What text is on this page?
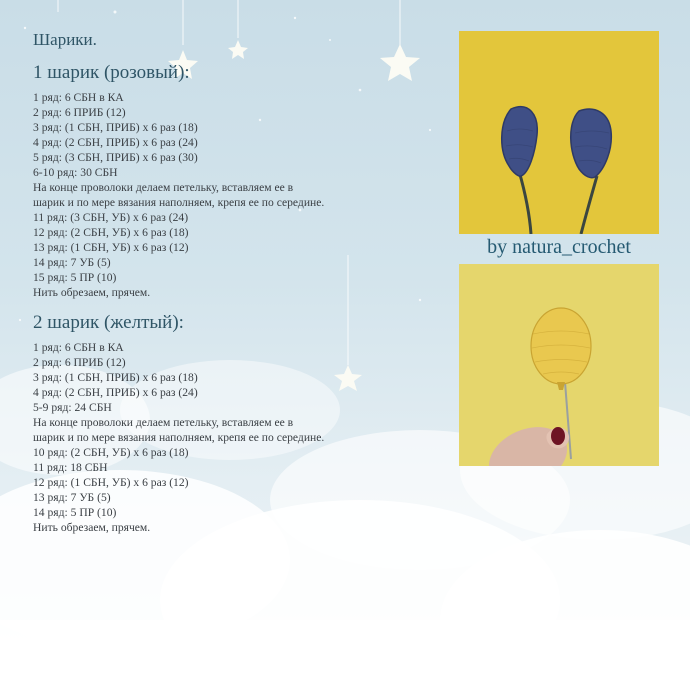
Шарики.
1 шарик (розовый):
1 ряд: 6 СБН в КА
2 ряд: 6 ПРИБ (12)
3 ряд: (1 СБН, ПРИБ) х 6 раз (18)
4 ряд: (2 СБН, ПРИБ) х 6 раз (24)
5 ряд: (3 СБН, ПРИБ) х 6 раз (30)
6-10 ряд: 30 СБН
На конце проволоки делаем петельку, вставляем ее в
шарик и по мере вязания наполняем, крепя ее по середине.
11 ряд: (3 СБН, УБ) х 6 раз (24)
12 ряд: (2 СБН, УБ) х 6 раз (18)
13 ряд: (1 СБН, УБ) х 6 раз (12)
14 ряд: 7 УБ (5)
15 ряд: 5 ПР (10)
Нить обрезаем, прячем.
2 шарик (желтый):
1 ряд: 6 СБН в КА
2 ряд: 6 ПРИБ (12)
3 ряд: (1 СБН, ПРИБ) х 6 раз (18)
4 ряд: (2 СБН, ПРИБ) х 6 раз (24)
5-9 ряд: 24 СБН
На конце проволоки делаем петельку, вставляем ее в
шарик и по мере вязания наполняем, крепя ее по середине.
10 ряд: (2 СБН, УБ) х 6 раз (18)
11 ряд: 18 СБН
12 ряд: (1 СБН, УБ) х 6 раз (12)
13 ряд: 7 УБ (5)
14 ряд: 5 ПР (10)
Нить обрезаем, прячем.
by natura_crochet
